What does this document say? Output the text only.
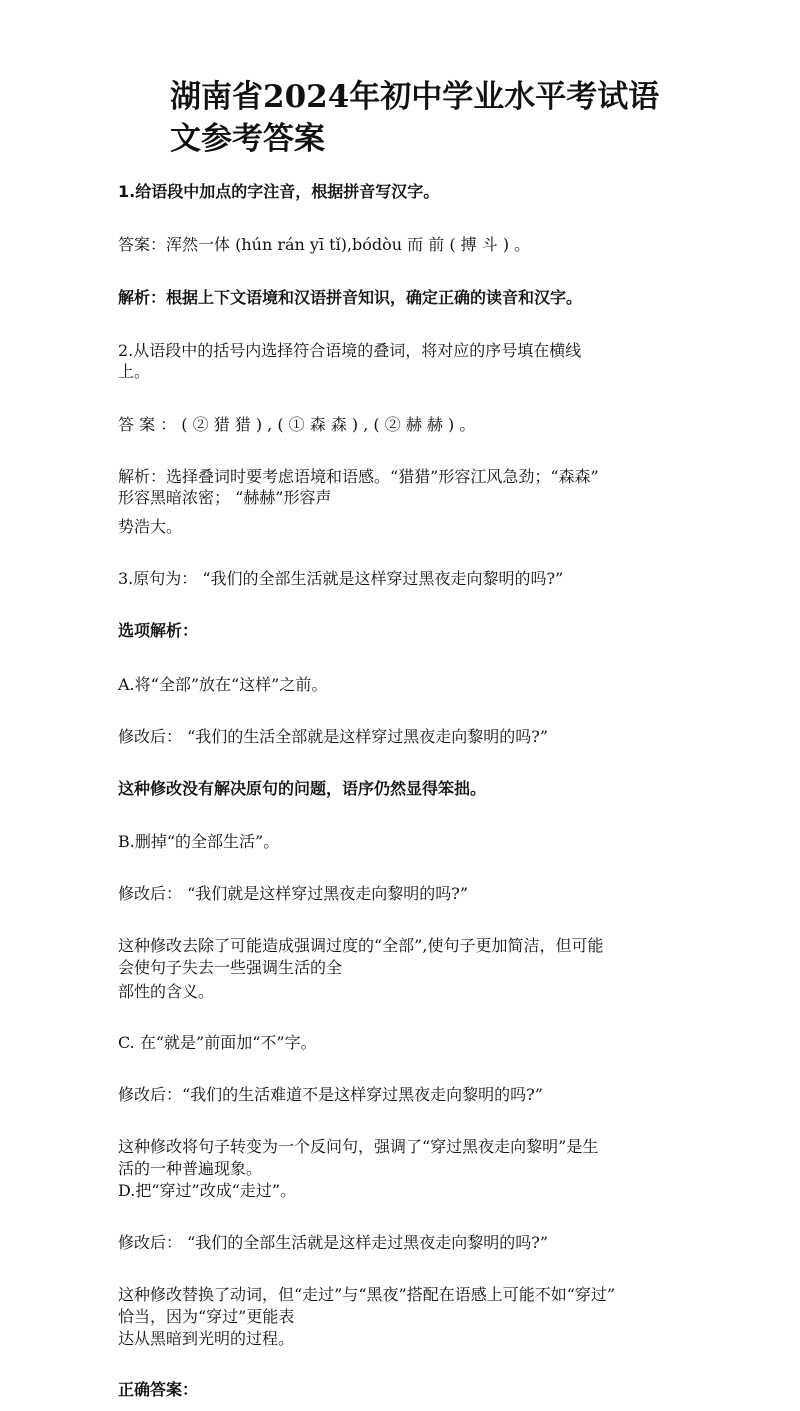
湖南省2024年初中学业水平考试语
文参考答案

1.给语段中加点的字注音，根据拼音写汉字。

答案：浑然一体 (hún rán yī tǐ),bódòu 而 前 ( 搏 斗 ) 。

解析：根据上下文语境和汉语拼音知识，确定正确的读音和汉字。

2.从语段中的括号内选择符合语境的叠词，将对应的序号填在横线

上。

答 案 ： ( ② 猎 猎 ) , ( ① 森 森 ) , ( ② 赫 赫 ) 。

解析：选择叠词时要考虑语境和语感。“猎猎”形容江风急劲；“森森”

形容黑暗浓密； “赫赫”形容声

势浩大。

3.原句为： “我们的全部生活就是这样穿过黑夜走向黎明的吗?”

选项解析：

A.将“全部”放在“这样”之前。

修改后： “我们的生活全部就是这样穿过黑夜走向黎明的吗?”

这种修改没有解决原句的问题，语序仍然显得笨拙。

B.删掉“的全部生活”。

修改后： “我们就是这样穿过黑夜走向黎明的吗?”

这种修改去除了可能造成强调过度的“全部”,使句子更加简洁，但可能

会使句子失去一些强调生活的全

部性的含义。

C. 在“就是”前面加“不”字。

修改后：“我们的生活难道不是这样穿过黑夜走向黎明的吗?”

这种修改将句子转变为一个反问句，强调了“穿过黑夜走向黎明”是生

活的一种普遍现象。

D.把“穿过”改成“走过”。

修改后： “我们的全部生活就是这样走过黑夜走向黎明的吗?”

这种修改替换了动词，但“走过”与“黑夜”搭配在语感上可能不如“穿过”

恰当，因为“穿过”更能表

达从黑暗到光明的过程。

正确答案：
